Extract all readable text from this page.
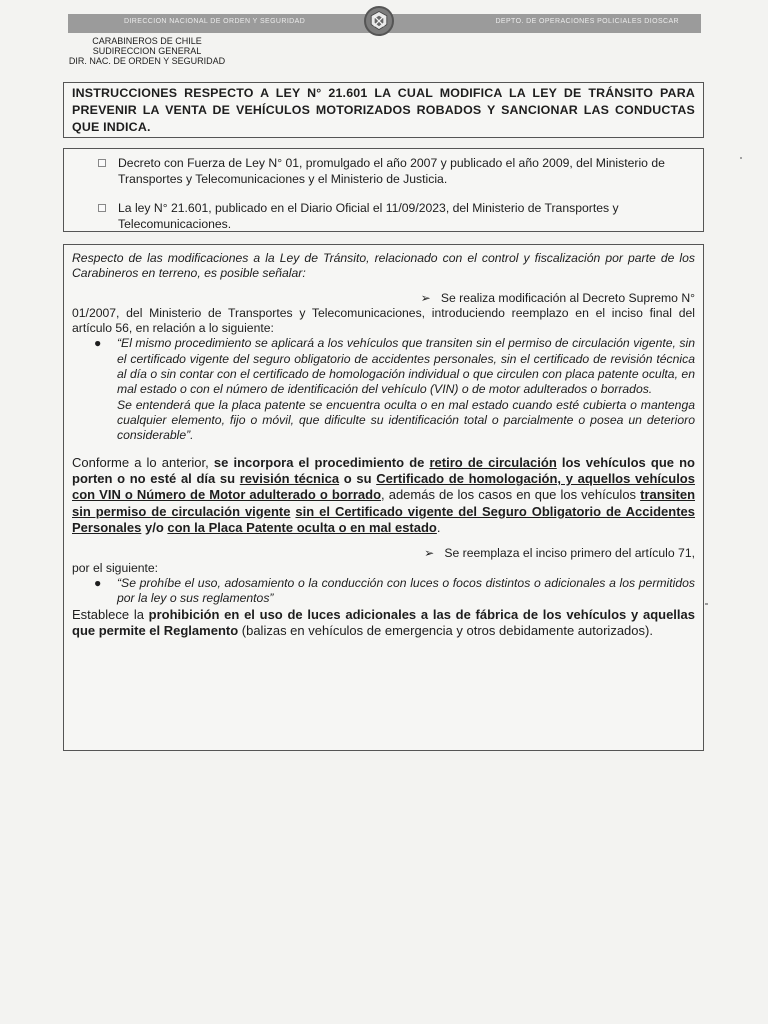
DIRECCION NACIONAL DE ORDEN Y SEGURIDAD	DEPTO. DE OPERACIONES POLICIALES DIOSCAR
CARABINEROS DE CHILE
SUDIRECCION GENERAL
DIR. NAC. DE ORDEN Y SEGURIDAD
INSTRUCCIONES RESPECTO A LEY N° 21.601 LA CUAL MODIFICA LA LEY DE TRÁNSITO PARA PREVENIR LA VENTA DE VEHÍCULOS MOTORIZADOS ROBADOS Y SANCIONAR LAS CONDUCTAS QUE INDICA.
Decreto con Fuerza de Ley N° 01, promulgado el año 2007 y publicado el año 2009, del Ministerio de Transportes y Telecomunicaciones y el Ministerio de Justicia.
La ley N° 21.601, publicado en el Diario Oficial el 11/09/2023, del Ministerio de Transportes y Telecomunicaciones.
Respecto de las modificaciones a la Ley de Tránsito, relacionado con el control y fiscalización por parte de los Carabineros en terreno, es posible señalar:
➢ Se realiza modificación al Decreto Supremo N°
01/2007, del Ministerio de Transportes y Telecomunicaciones, introduciendo reemplazo en el inciso final del artículo 56, en relación a lo siguiente:
● “El mismo procedimiento se aplicará a los vehículos que transiten sin el permiso de circulación vigente, sin el certificado vigente del seguro obligatorio de accidentes personales, sin el certificado de revisión técnica al día o sin contar con el certificado de homologación individual o que circulen con placa patente oculta, en mal estado o con el número de identificación del vehículo (VIN) o de motor adulterados o borrados.
Se entenderá que la placa patente se encuentra oculta o en mal estado cuando esté cubierta o mantenga cualquier elemento, fijo o móvil, que dificulte su identificación total o parcialmente o posea un deterioro considerable”.
Conforme a lo anterior, se incorpora el procedimiento de retiro de circulación los vehículos que no porten o no esté al día su revisión técnica o su Certificado de homologación, y aquellos vehículos con VIN o Número de Motor adulterado o borrado, además de los casos en que los vehículos transiten sin permiso de circulación vigente sin el Certificado vigente del Seguro Obligatorio de Accidentes Personales y/o con la Placa Patente oculta o en mal estado.
➢ Se reemplaza el inciso primero del artículo 71,
por el siguiente:
● “Se prohíbe el uso, adosamiento o la conducción con luces o focos distintos o adicionales a los permitidos por la ley o sus reglamentos”
Establece la prohibición en el uso de luces adicionales a las de fábrica de los vehículos y aquellas que permite el Reglamento (balizas en vehículos de emergencia y otros debidamente autorizados).
